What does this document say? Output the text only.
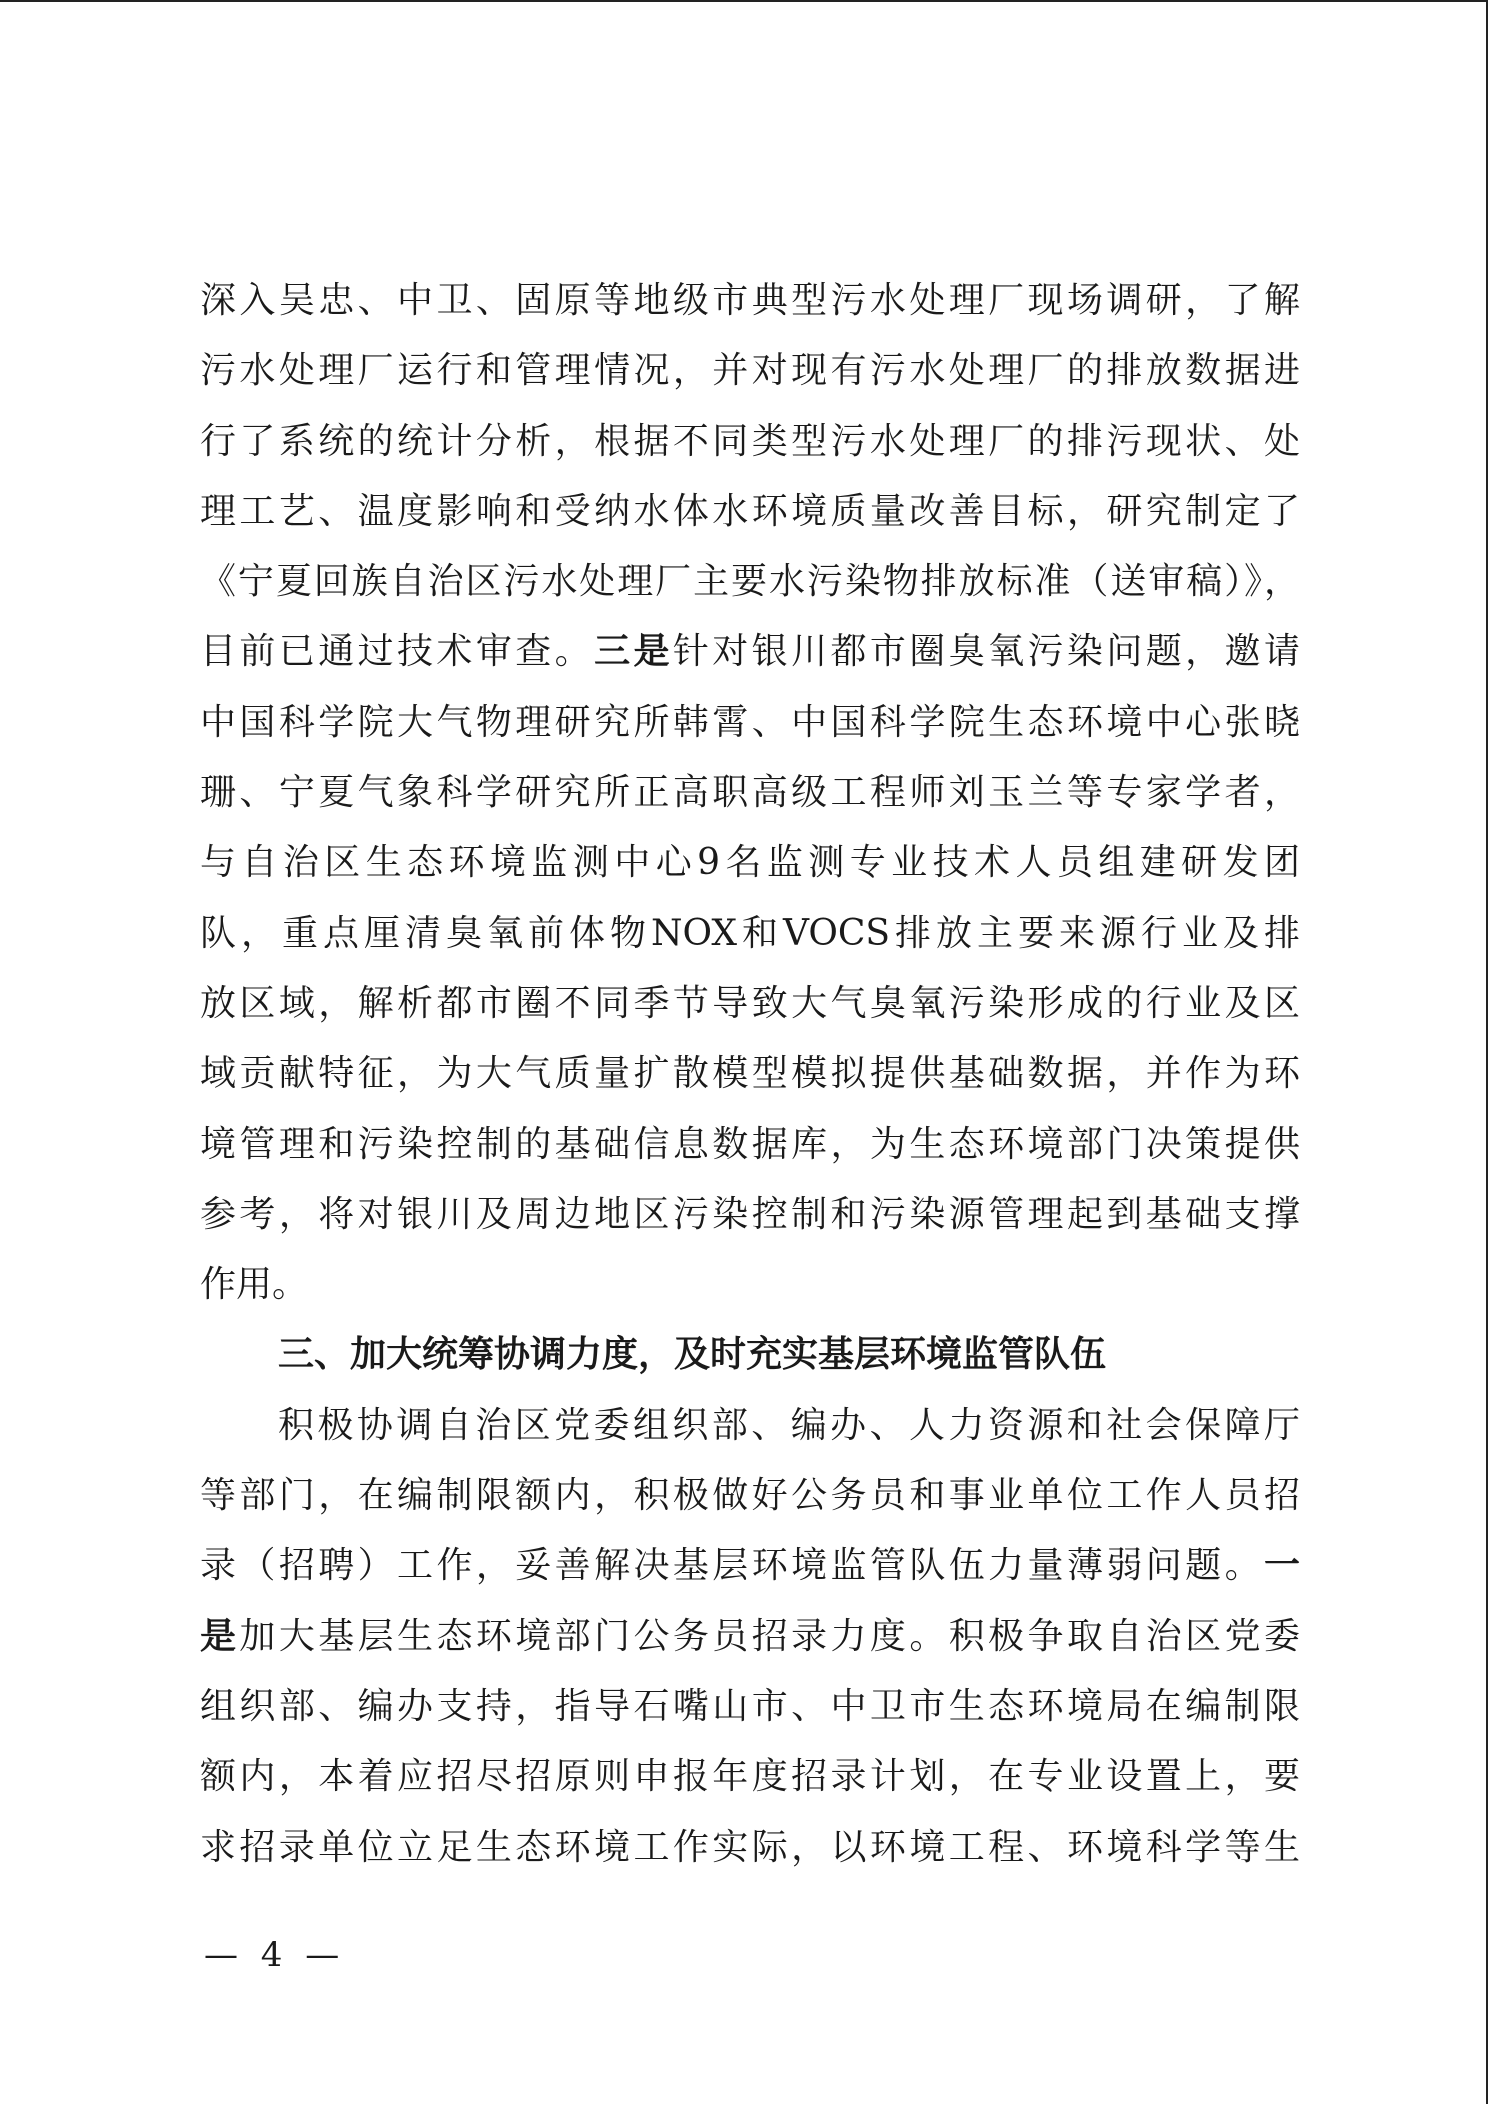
深入吴忠、中卫、固原等地级市典型污水处理厂现场调研，了解
污水处理厂运行和管理情况，并对现有污水处理厂的排放数据进
行了系统的统计分析，根据不同类型污水处理厂的排污现状、处
理工艺、温度影响和受纳水体水环境质量改善目标，研究制定了
《宁夏回族自治区污水处理厂主要水污染物排放标准（送审稿）》，
目前已通过技术审查。三是针对银川都市圈臭氧污染问题，邀请
中国科学院大气物理研究所韩霄、中国科学院生态环境中心张晓
珊、宁夏气象科学研究所正高职高级工程师刘玉兰等专家学者，
与自治区生态环境监测中心9名监测专业技术人员组建研发团
队，重点厘清臭氧前体物NOX和VOCS排放主要来源行业及排
放区域，解析都市圈不同季节导致大气臭氧污染形成的行业及区
域贡献特征，为大气质量扩散模型模拟提供基础数据，并作为环
境管理和污染控制的基础信息数据库，为生态环境部门决策提供
参考，将对银川及周边地区污染控制和污染源管理起到基础支撑
作用。
三、加大统筹协调力度，及时充实基层环境监管队伍
积极协调自治区党委组织部、编办、人力资源和社会保障厅
等部门，在编制限额内，积极做好公务员和事业单位工作人员招
录（招聘）工作，妥善解决基层环境监管队伍力量薄弱问题。一
是加大基层生态环境部门公务员招录力度。积极争取自治区党委
组织部、编办支持，指导石嘴山市、中卫市生态环境局在编制限
额内，本着应招尽招原则申报年度招录计划，在专业设置上，要
求招录单位立足生态环境工作实际，以环境工程、环境科学等生
— 4 —
